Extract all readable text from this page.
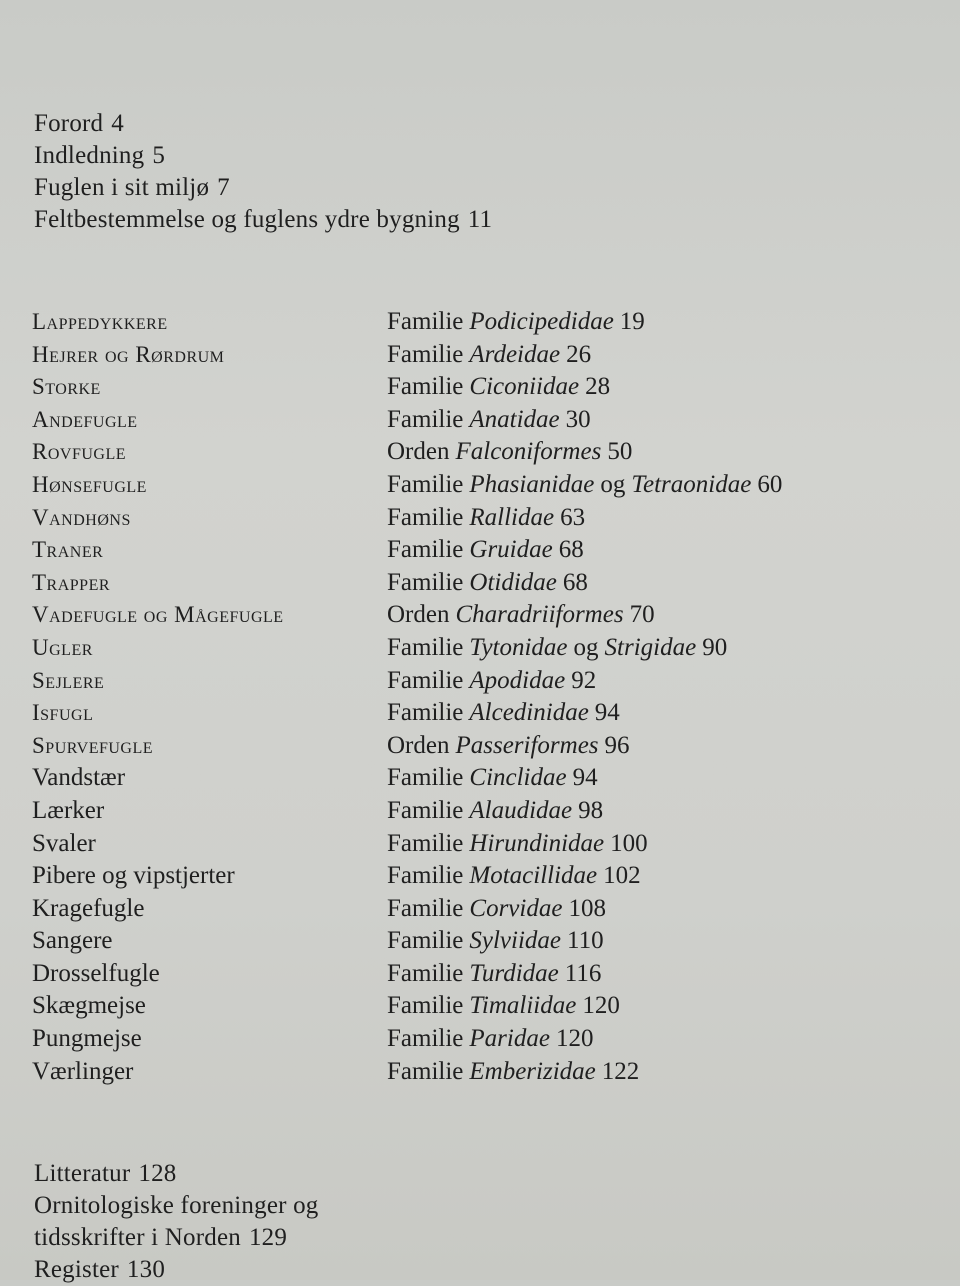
Forord 4
Indledning 5
Fuglen i sit miljø 7
Feltbestemmelse og fuglens ydre bygning 11
Lappedykkere	Familie Podicipedidae 19
Hejrer og Rørdrum	Familie Ardeidae 26
Storke	Familie Ciconiidae 28
Andefugle	Familie Anatidae 30
Rovfugle	Orden Falconiformes 50
Hønsefugle	Familie Phasianidae og Tetraonidae 60
Vandhøns	Familie Rallidae 63
Traner	Familie Gruidae 68
Trapper	Familie Otididae 68
Vadefugle og Mågefugle	Orden Charadriiformes 70
Ugler	Familie Tytonidae og Strigidae 90
Sejlere	Familie Apodidae 92
Isfugl	Familie Alcedinidae 94
Spurvefugle	Orden Passeriformes 96
Vandstær	Familie Cinclidae 94
Lærker	Familie Alaudidae 98
Svaler	Familie Hirundinidae 100
Pibere og vipstjerter	Familie Motacillidae 102
Kragefugle	Familie Corvidae 108
Sangere	Familie Sylviidae 110
Drosselfugle	Familie Turdidae 116
Skægmejse	Familie Timaliidae 120
Pungmejse	Familie Paridae 120
Værlinger	Familie Emberizidae 122
Litteratur 128
Ornitologiske foreninger og
tidsskrifter i Norden 129
Register 130
